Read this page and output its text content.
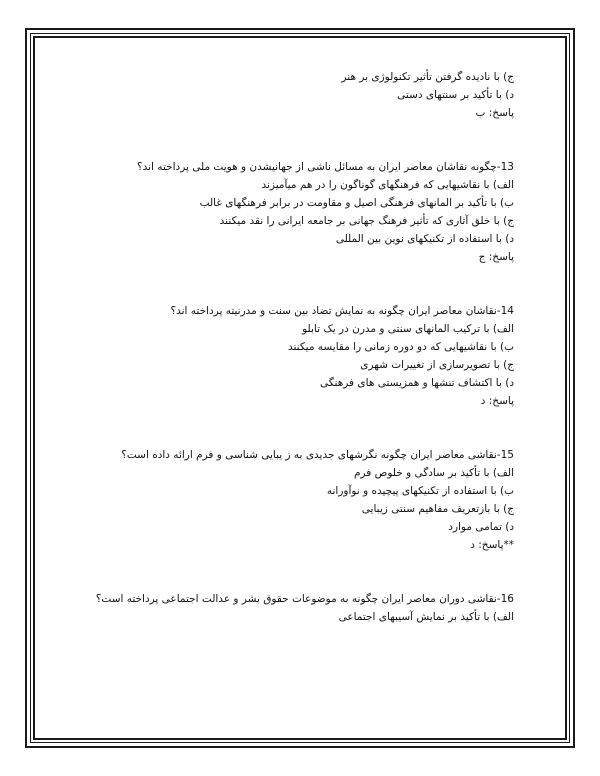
ج) با نادیده گرفتن تأثیر تکنولوژی بر هنر
د) با تأکید بر سنتهای دستی
پاسخ: ب
13-چگونه نقاشان معاصر ایران به مسائل ناشی از جهانیشدن و هویت ملی پرداخته اند؟
الف) با نقاشیهایی که فرهنگهای گوناگون را در هم میآمیزند
ب) با تأکید بر المانهای فرهنگی اصیل و مقاومت در برابر فرهنگهای غالب
ج) با خلق آثاری که تأثیر فرهنگ جهانی بر جامعه ایرانی را نقد میکنند
د) با استفاده از تکنیکهای نوین بین المللی
پاسخ: ج
14-نقاشان معاصر ایران چگونه به نمایش تضاد بین سنت و مدرنیته پرداخته اند؟
الف) با ترکیب المانهای سنتی و مدرن در یک تابلو
ب) با نقاشیهایی که دو دوره زمانی را مقایسه میکنند
ج) با تصویرسازی از تغییرات شهری
د) با اکتشاف تنشها و همزیستی های فرهنگی
پاسخ: د
15-نقاشی معاصر ایران چگونه نگرشهای جدیدی به ز یبایی شناسی و فرم ارائه داده است؟
الف) با تأکید بر سادگی و خلوص فرم
ب) با استفاده از تکنیکهای پیچیده و نوآورانه
ج) با بازتعریف مفاهیم سنتی زیبایی
د) تمامی موارد
**پاسخ: د
16-نقاشی دوران معاصر ایران چگونه به موضوعات حقوق بشر و عدالت اجتماعی پرداخته است؟
الف) با تأکید بر نمایش آسیبهای اجتماعی
